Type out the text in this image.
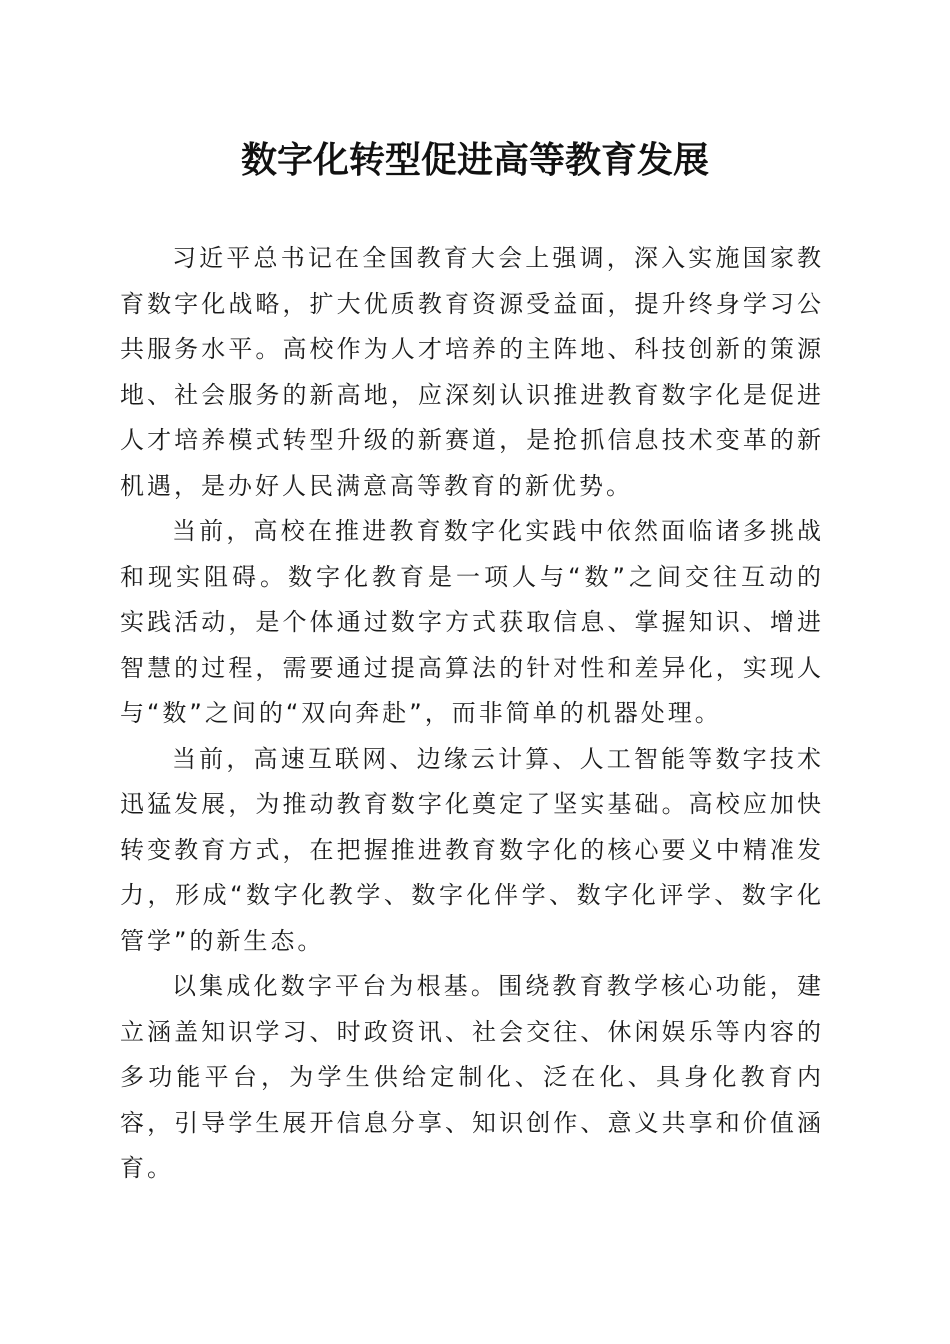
数字化转型促进高等教育发展

习近平总书记在全国教育大会上强调，深入实施国家教育数字化战略，扩大优质教育资源受益面，提升终身学习公共服务水平。高校作为人才培养的主阵地、科技创新的策源地、社会服务的新高地，应深刻认识推进教育数字化是促进人才培养模式转型升级的新赛道，是抢抓信息技术变革的新机遇，是办好人民满意高等教育的新优势。

当前，高校在推进教育数字化实践中依然面临诸多挑战和现实阻碍。数字化教育是一项人与“数”之间交往互动的实践活动，是个体通过数字方式获取信息、掌握知识、增进智慧的过程，需要通过提高算法的针对性和差异化，实现人与“数”之间的“双向奔赴”，而非简单的机器处理。

当前，高速互联网、边缘云计算、人工智能等数字技术迅猛发展，为推动教育数字化奠定了坚实基础。高校应加快转变教育方式，在把握推进教育数字化的核心要义中精准发力，形成“数字化教学、数字化伴学、数字化评学、数字化管学”的新生态。

以集成化数字平台为根基。围绕教育教学核心功能，建立涵盖知识学习、时政资讯、社会交往、休闲娱乐等内容的多功能平台，为学生供给定制化、泛在化、具身化教育内容，引导学生展开信息分享、知识创作、意义共享和价值涵育。
